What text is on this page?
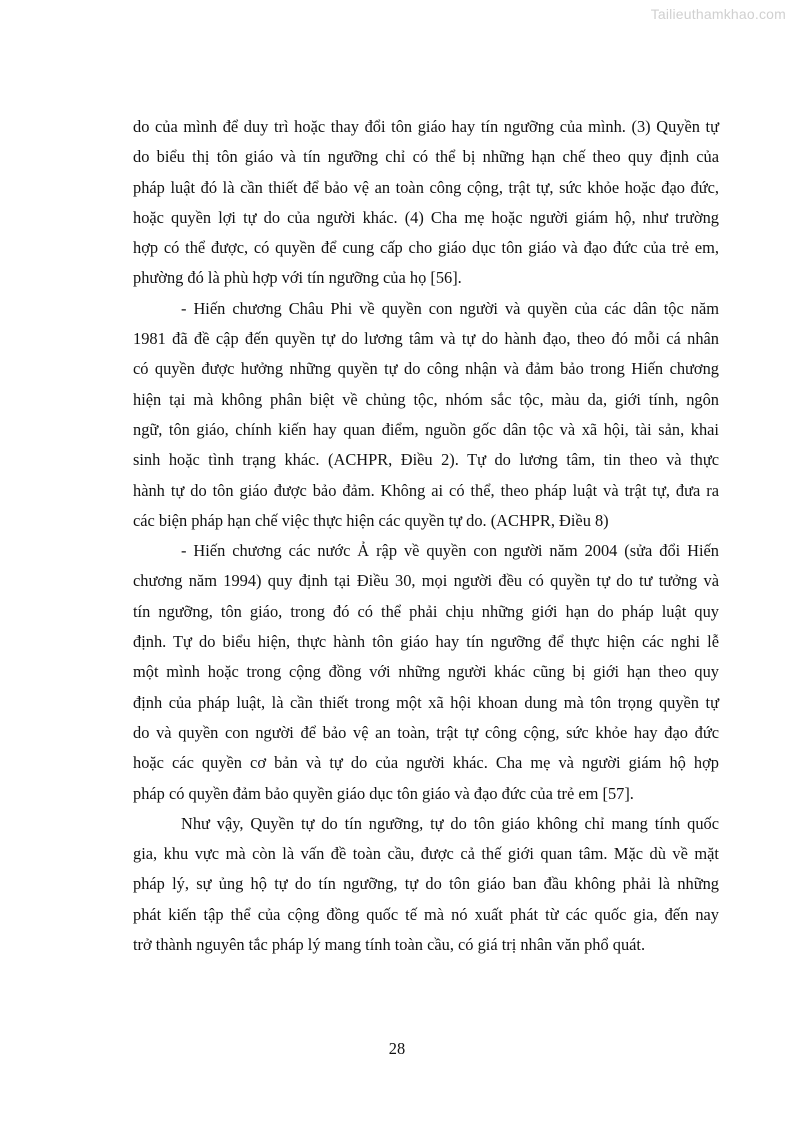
Tailieuthamkhao.com

do của mình để duy trì hoặc thay đổi tôn giáo hay tín ngưỡng của mình. (3) Quyền tự
do biểu thị tôn giáo và tín ngưỡng chỉ có thể bị những hạn chế theo quy định của
pháp luật đó là cần thiết để bảo vệ an toàn công cộng, trật tự, sức khỏe hoặc đạo đức,
hoặc quyền lợi tự do của người khác. (4) Cha mẹ hoặc người giám hộ, như trường
hợp có thể được, có quyền để cung cấp cho giáo dục tôn giáo và đạo đức của trẻ em,
phường đó là phù hợp với tín ngưỡng của họ [56].

- Hiến chương Châu Phi về quyền con người và quyền của các dân tộc năm
1981 đã đề cập đến quyền tự do lương tâm và tự do hành đạo, theo đó mỗi cá nhân
có quyền được hưởng những quyền tự do công nhận và đảm bảo trong Hiến chương
hiện tại mà không phân biệt về chủng tộc, nhóm sắc tộc, màu da, giới tính, ngôn
ngữ, tôn giáo, chính kiến hay quan điểm, nguồn gốc dân tộc và xã hội, tài sản, khai
sinh hoặc tình trạng khác. (ACHPR, Điều 2). Tự do lương tâm, tin theo và thực
hành tự do tôn giáo được bảo đảm. Không ai có thể, theo pháp luật và trật tự, đưa ra
các biện pháp hạn chế việc thực hiện các quyền tự do. (ACHPR, Điều 8)

- Hiến chương các nước Ả rập về quyền con người năm 2004 (sửa đổi Hiến
chương năm 1994) quy định tại Điều 30, mọi người đều có quyền tự do tư tưởng và
tín ngưỡng, tôn giáo, trong đó có thể phải chịu những giới hạn do pháp luật quy
định. Tự do biểu hiện, thực hành tôn giáo hay tín ngưỡng để thực hiện các nghi lễ
một mình hoặc trong cộng đồng với những người khác cũng bị giới hạn theo quy
định của pháp luật, là cần thiết trong một xã hội khoan dung mà tôn trọng quyền tự
do và quyền con người để bảo vệ an toàn, trật tự công cộng, sức khỏe hay đạo đức
hoặc các quyền cơ bản và tự do của người khác. Cha mẹ và người giám hộ hợp
pháp có quyền đảm bảo quyền giáo dục tôn giáo và đạo đức của trẻ em [57].

Như vậy, Quyền tự do tín ngưỡng, tự do tôn giáo không chỉ mang tính quốc
gia, khu vực mà còn là vấn đề toàn cầu, được cả thế giới quan tâm. Mặc dù về mặt
pháp lý, sự ủng hộ tự do tín ngưỡng, tự do tôn giáo ban đầu không phải là những
phát kiến tập thể của cộng đồng quốc tế mà nó xuất phát từ các quốc gia, đến nay
trở thành nguyên tắc pháp lý mang tính toàn cầu, có giá trị nhân văn phổ quát.

28
